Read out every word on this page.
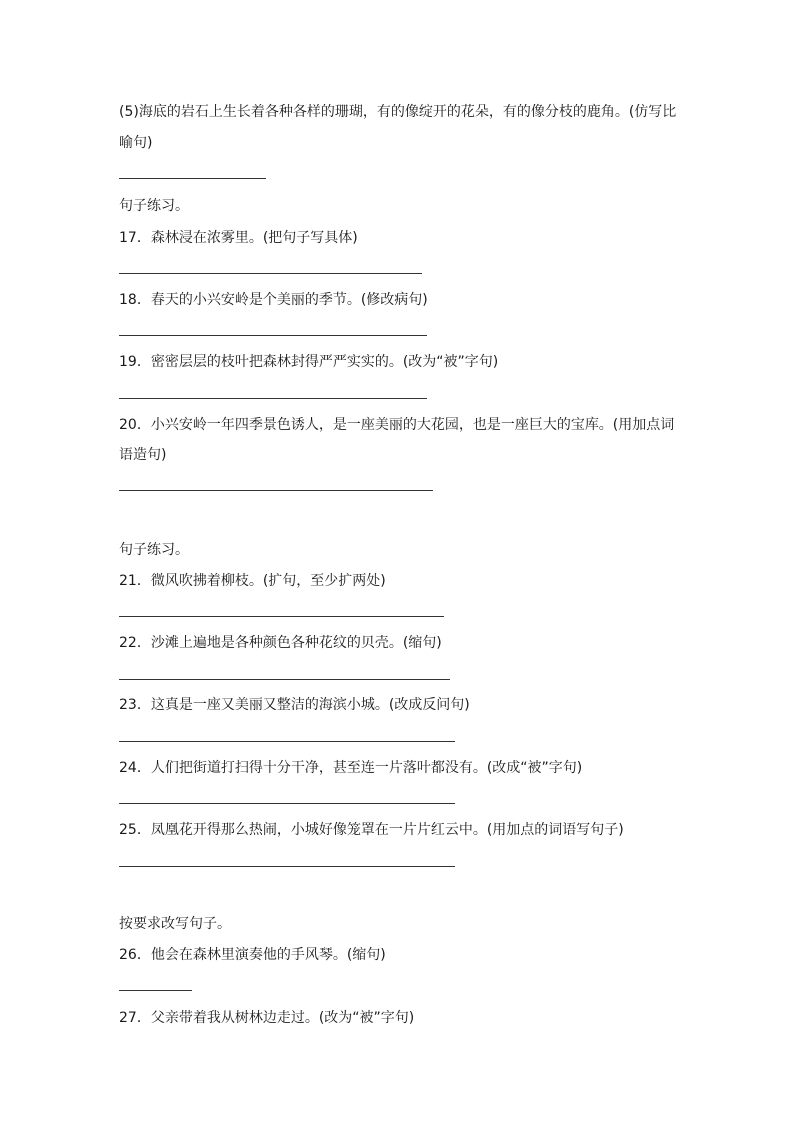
(5)海底的岩石上生长着各种各样的珊瑚，有的像绽开的花朵，有的像分枝的鹿角。(仿写比
喻句)
句子练习。
17．森林浸在浓雾里。(把句子写具体)
18．春天的小兴安岭是个美丽的季节。(修改病句)
19．密密层层的枝叶把森林封得严严实实的。(改为“被”字句)
20．小兴安岭一年四季景色诱人，是一座美丽的大花园，也是一座巨大的宝库。(用加点词
语造句)
句子练习。
21．微风吹拂着柳枝。(扩句，至少扩两处)
22．沙滩上遍地是各种颜色各种花纹的贝壳。(缩句)
23．这真是一座又美丽又整洁的海滨小城。(改成反问句)
24．人们把街道打扫得十分干净，甚至连一片落叶都没有。(改成“被”字句)
25．凤凰花开得那么热闹，小城好像笼罩在一片片红云中。(用加点的词语写句子)
按要求改写句子。
26．他会在森林里演奏他的手风琴。(缩句)
27．父亲带着我从树林边走过。(改为“被”字句)
